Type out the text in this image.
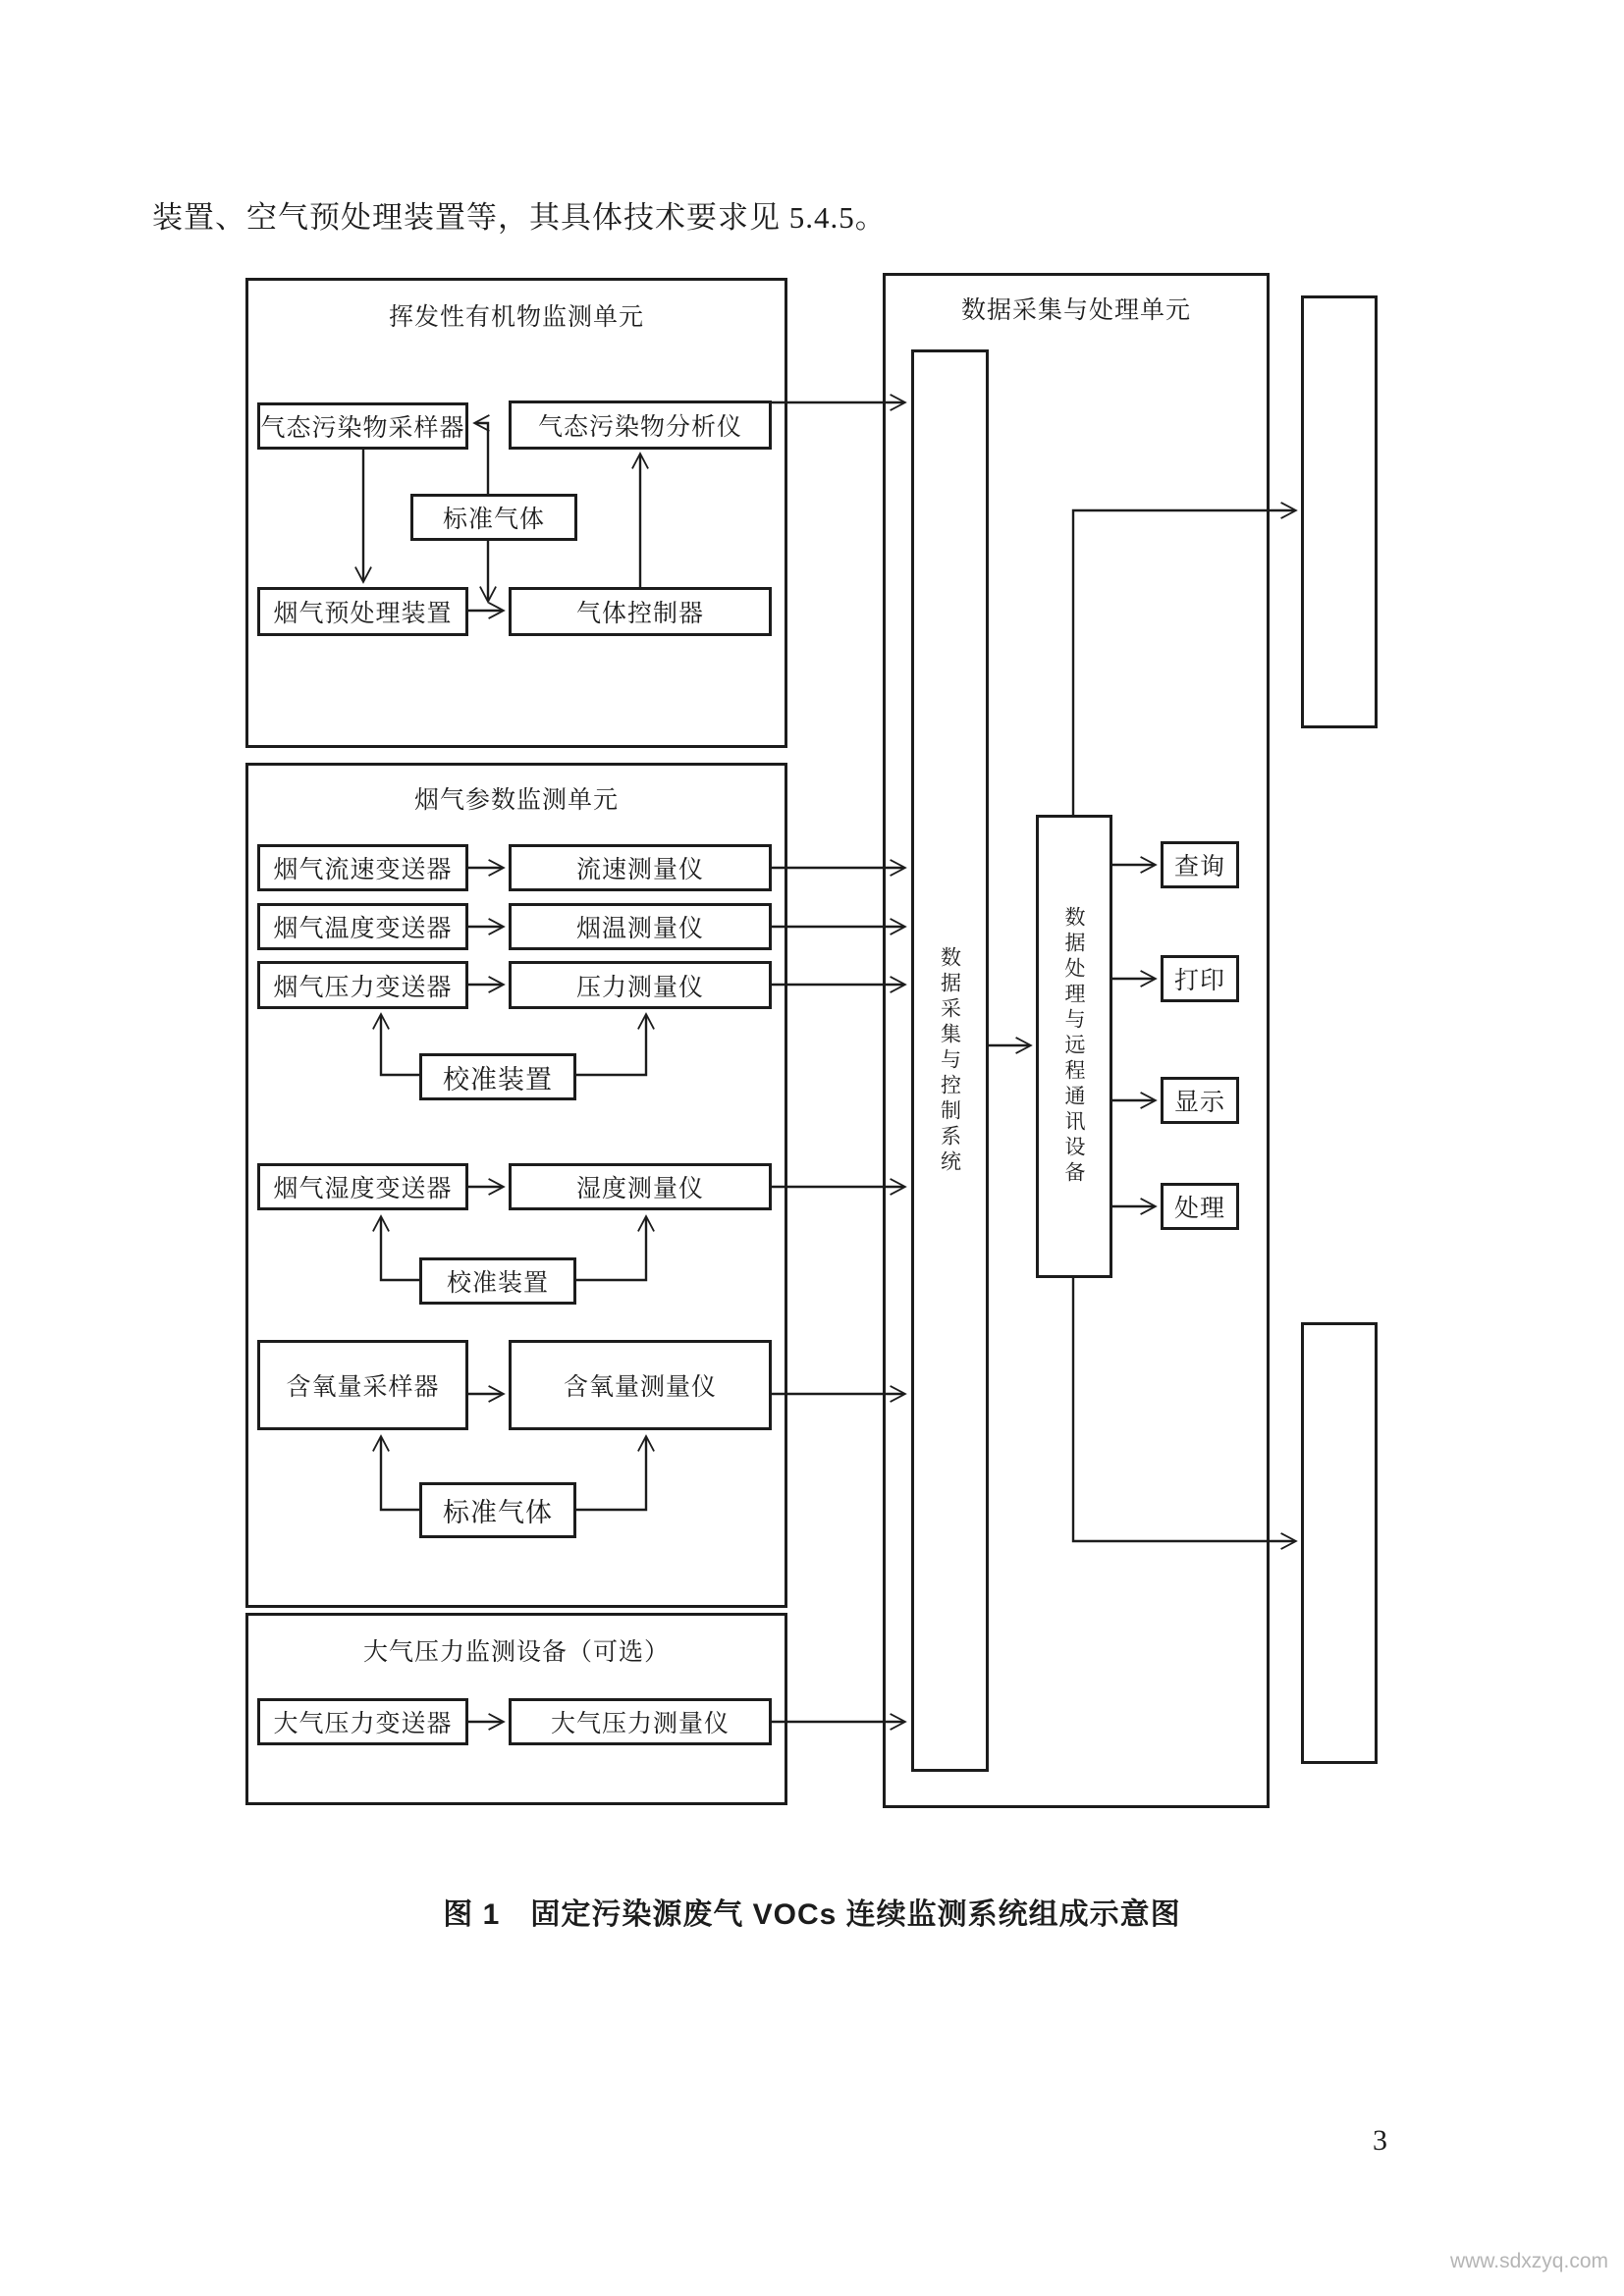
装置、空气预处理装置等，其具体技术要求见 5.4.5。
挥发性有机物监测单元
气态污染物采样器	气态污染物分析仪
标准气体
烟气预处理装置	气体控制器
烟气参数监测单元
烟气流速变送器	流速测量仪
烟气温度变送器	烟温测量仪
烟气压力变送器	压力测量仪
校准装置
烟气湿度变送器	湿度测量仪
校准装置
含氧量采样器	含氧量测量仪
标准气体
大气压力监测设备（可选）
大气压力变送器	大气压力测量仪
数据采集与处理单元
数据采集与控制系统	数据处理与远程通讯设备
查询
打印
显示
处理
图 1　固定污染源废气 VOCs 连续监测系统组成示意图
3
www.sdxzyq.com
